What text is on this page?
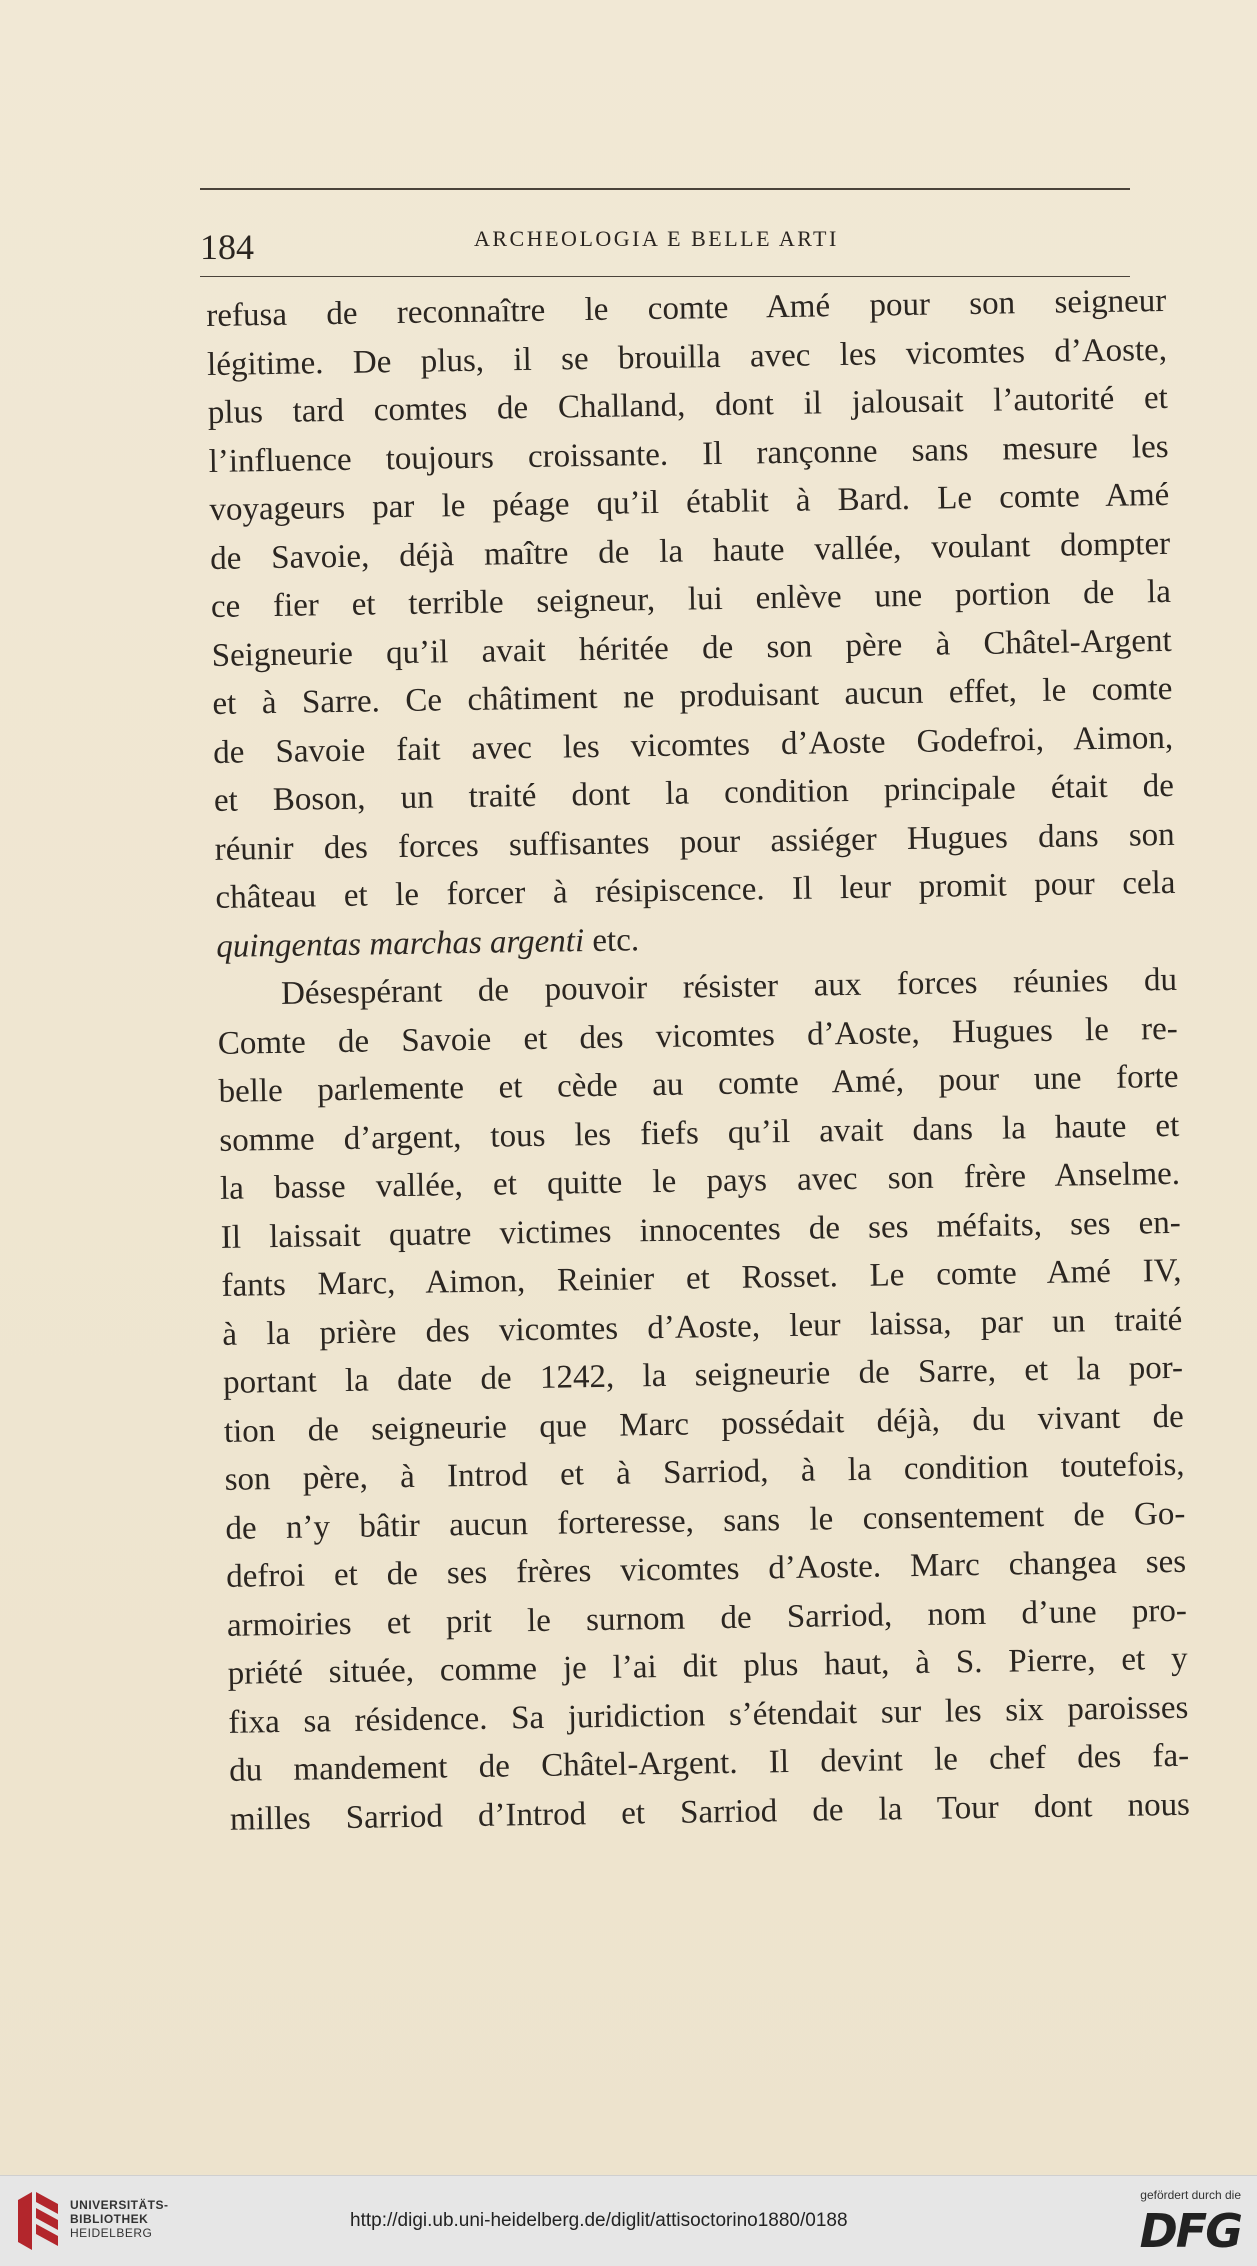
184	ARCHEOLOGIA E BELLE ARTI
refusa de reconnaître le comte Amé pour son seigneur
légitime. De plus, il se brouilla avec les vicomtes d’Aoste,
plus tard comtes de Challand, dont il jalousait l’autorité et
l’influence toujours croissante. Il rançonne sans mesure les
voyageurs par le péage qu’il établit à Bard. Le comte Amé
de Savoie, déjà maître de la haute vallée, voulant dompter
ce fier et terrible seigneur, lui enlève une portion de la
Seigneurie qu’il avait héritée de son père à Châtel-Argent
et à Sarre. Ce châtiment ne produisant aucun effet, le comte
de Savoie fait avec les vicomtes d’Aoste Godefroi, Aimon,
et Boson, un traité dont la condition principale était de
réunir des forces suffisantes pour assiéger Hugues dans son
château et le forcer à résipiscence. Il leur promit pour cela
quingentas marchas argenti etc.
Désespérant de pouvoir résister aux forces réunies du
Comte de Savoie et des vicomtes d’Aoste, Hugues le re-
belle parlemente et cède au comte Amé, pour une forte
somme d’argent, tous les fiefs qu’il avait dans la haute et
la basse vallée, et quitte le pays avec son frère Anselme.
Il laissait quatre victimes innocentes de ses méfaits, ses en-
fants Marc, Aimon, Reinier et Rosset. Le comte Amé IV,
à la prière des vicomtes d’Aoste, leur laissa, par un traité
portant la date de 1242, la seigneurie de Sarre, et la por-
tion de seigneurie que Marc possédait déjà, du vivant de
son père, à Introd et à Sarriod, à la condition toutefois,
de n’y bâtir aucun forteresse, sans le consentement de Go-
defroi et de ses frères vicomtes d’Aoste. Marc changea ses
armoiries et prit le surnom de Sarriod, nom d’une pro-
priété située, comme je l’ai dit plus haut, à S. Pierre, et y
fixa sa résidence. Sa juridiction s’étendait sur les six paroisses
du mandement de Châtel-Argent. Il devint le chef des fa-
milles Sarriod d’Introd et Sarriod de la Tour dont nous
UNIVERSITÄTS-
BIBLIOTHEK
HEIDELBERG
http://digi.ub.uni-heidelberg.de/diglit/attisoctorino1880/0188
gefördert durch die
DFG
